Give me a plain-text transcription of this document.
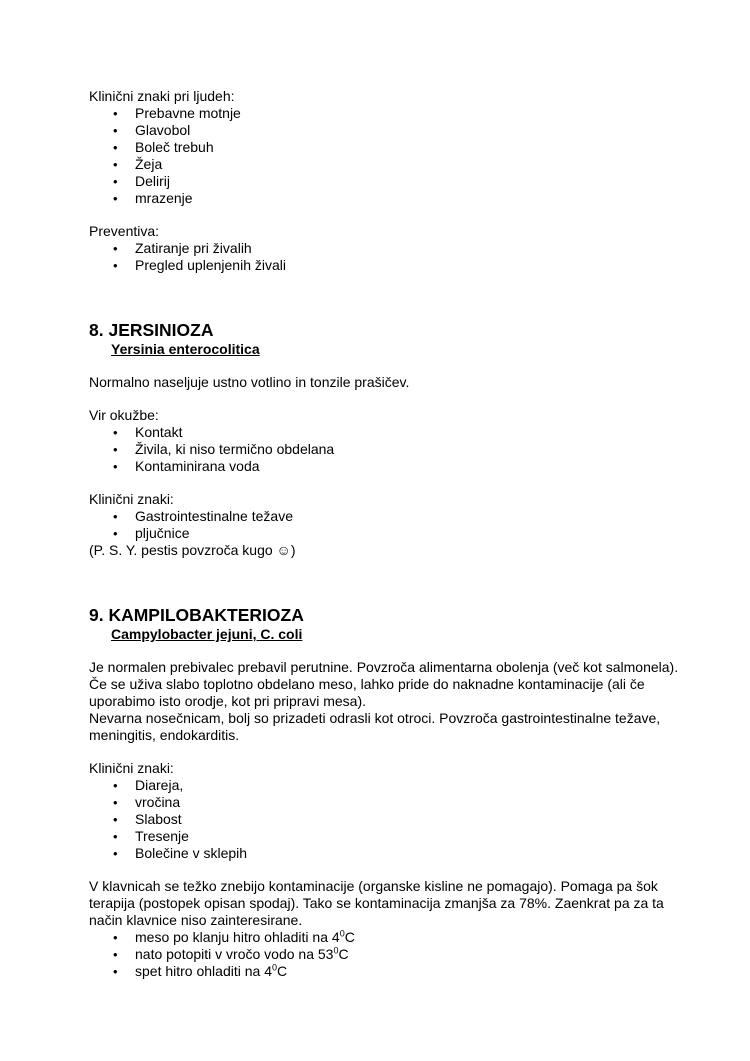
Klinični znaki pri ljudeh:

• Prebavne motnje
• Glavobol
• Boleč trebuh
• Žeja
• Delirij
• mrazenje

Preventiva:

• Zatiranje pri živalih
• Pregled uplenjenih živali
8. JERSINIOZA

Yersinia enterocolitica

Normalno naseljuje ustno votlino in tonzile prašičev.

Vir okužbe:

• Kontakt
• Živila, ki niso termično obdelana
• Kontaminirana voda

Klinični znaki:

• Gastrointestinalne težave
• pljučnice

(P. S. Y. pestis povzroča kugo ☺)

9. KAMPILOBAKTERIOZA

Campylobacter jejuni, C. coli

Je normalen prebivalec prebavil perutnine. Povzroča alimentarna obolenja (več kot salmonela). Če se uživa slabo toplotno obdelano meso, lahko pride do naknadne kontaminacije (ali če uporabimo isto orodje, kot pri pripravi mesa).

Nevarna nosečnicam, bolj so prizadeti odrasli kot otroci. Povzroča gastrointestinalne težave, meningitis, endokarditis.

Klinični znaki:

• Diareja,
• vročina
• Slabost
• Tresenje
• Bolečine v sklepih

V klavnicah se težko znebijo kontaminacije (organske kisline ne pomagajo). Pomaga pa šok terapija (postopek opisan spodaj). Tako se kontaminacija zmanjša za 78%. Zaenkrat pa za ta način klavnice niso zainteresirane.

• meso po klanju hitro ohladiti na $4^0C$
• nato potopiti v vročo vodo na $53^0C$
• spet hitro ohladiti na $4^0C$
